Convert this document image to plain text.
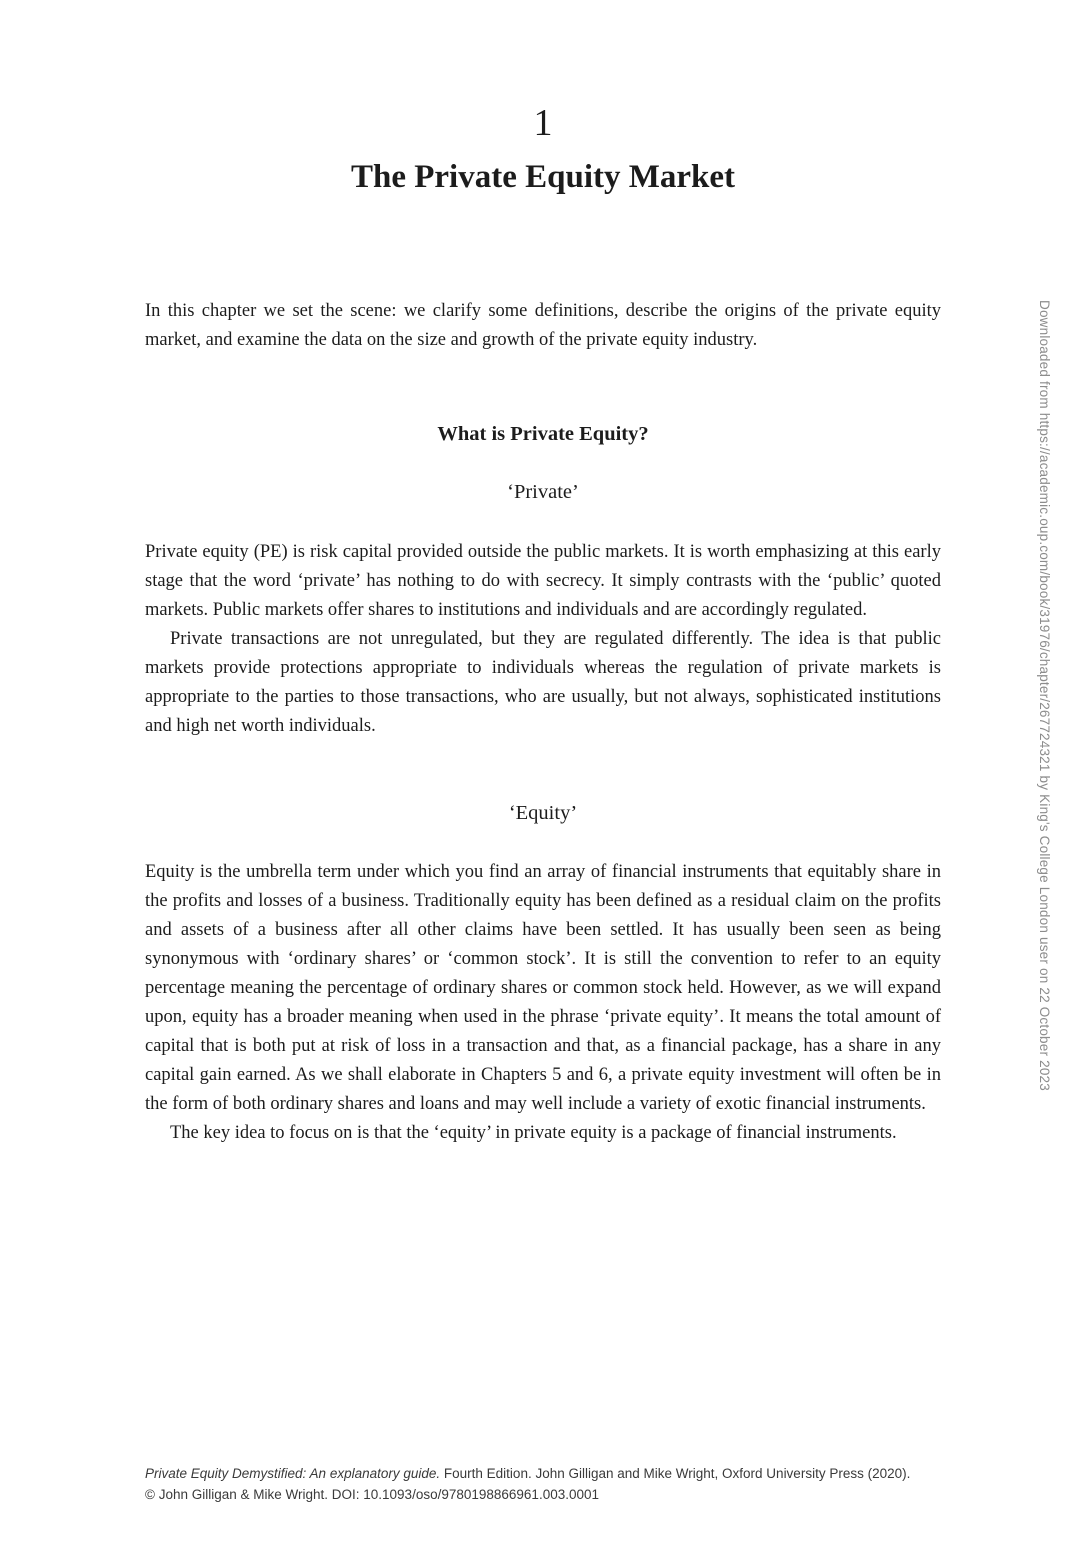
Downloaded from https://academic.oup.com/book/31976/chapter/267724321 by King's College London user on 22 October 2023
1
The Private Equity Market

In this chapter we set the scene: we clarify some definitions, describe the origins of the private equity market, and examine the data on the size and growth of the private equity industry.

What is Private Equity?
‘Private’

Private equity (PE) is risk capital provided outside the public markets. It is worth emphasizing at this early stage that the word ‘private’ has nothing to do with secrecy. It simply contrasts with the ‘public’ quoted markets. Public markets offer shares to institutions and individuals and are accordingly regulated.

Private transactions are not unregulated, but they are regulated differently. The idea is that public markets provide protections appropriate to individuals whereas the regulation of private markets is appropriate to the parties to those transactions, who are usually, but not always, sophisticated institutions and high net worth individuals.

‘Equity’

Equity is the umbrella term under which you find an array of financial instruments that equitably share in the profits and losses of a business. Traditionally equity has been defined as a residual claim on the profits and assets of a business after all other claims have been settled. It has usually been seen as being synonymous with ‘ordinary shares’ or ‘common stock’. It is still the convention to refer to an equity percentage meaning the percentage of ordinary shares or common stock held. However, as we will expand upon, equity has a broader meaning when used in the phrase ‘private equity’. It means the total amount of capital that is both put at risk of loss in a transaction and that, as a financial package, has a share in any capital gain earned. As we shall elaborate in Chapters 5 and 6, a private equity investment will often be in the form of both ordinary shares and loans and may well include a variety of exotic financial instruments.

The key idea to focus on is that the ‘equity’ in private equity is a package of financial instruments.

Private Equity Demystified: An explanatory guide. Fourth Edition. John Gilligan and Mike Wright, Oxford University Press (2020).

© John Gilligan & Mike Wright. DOI: 10.1093/oso/9780198866961.003.0001
